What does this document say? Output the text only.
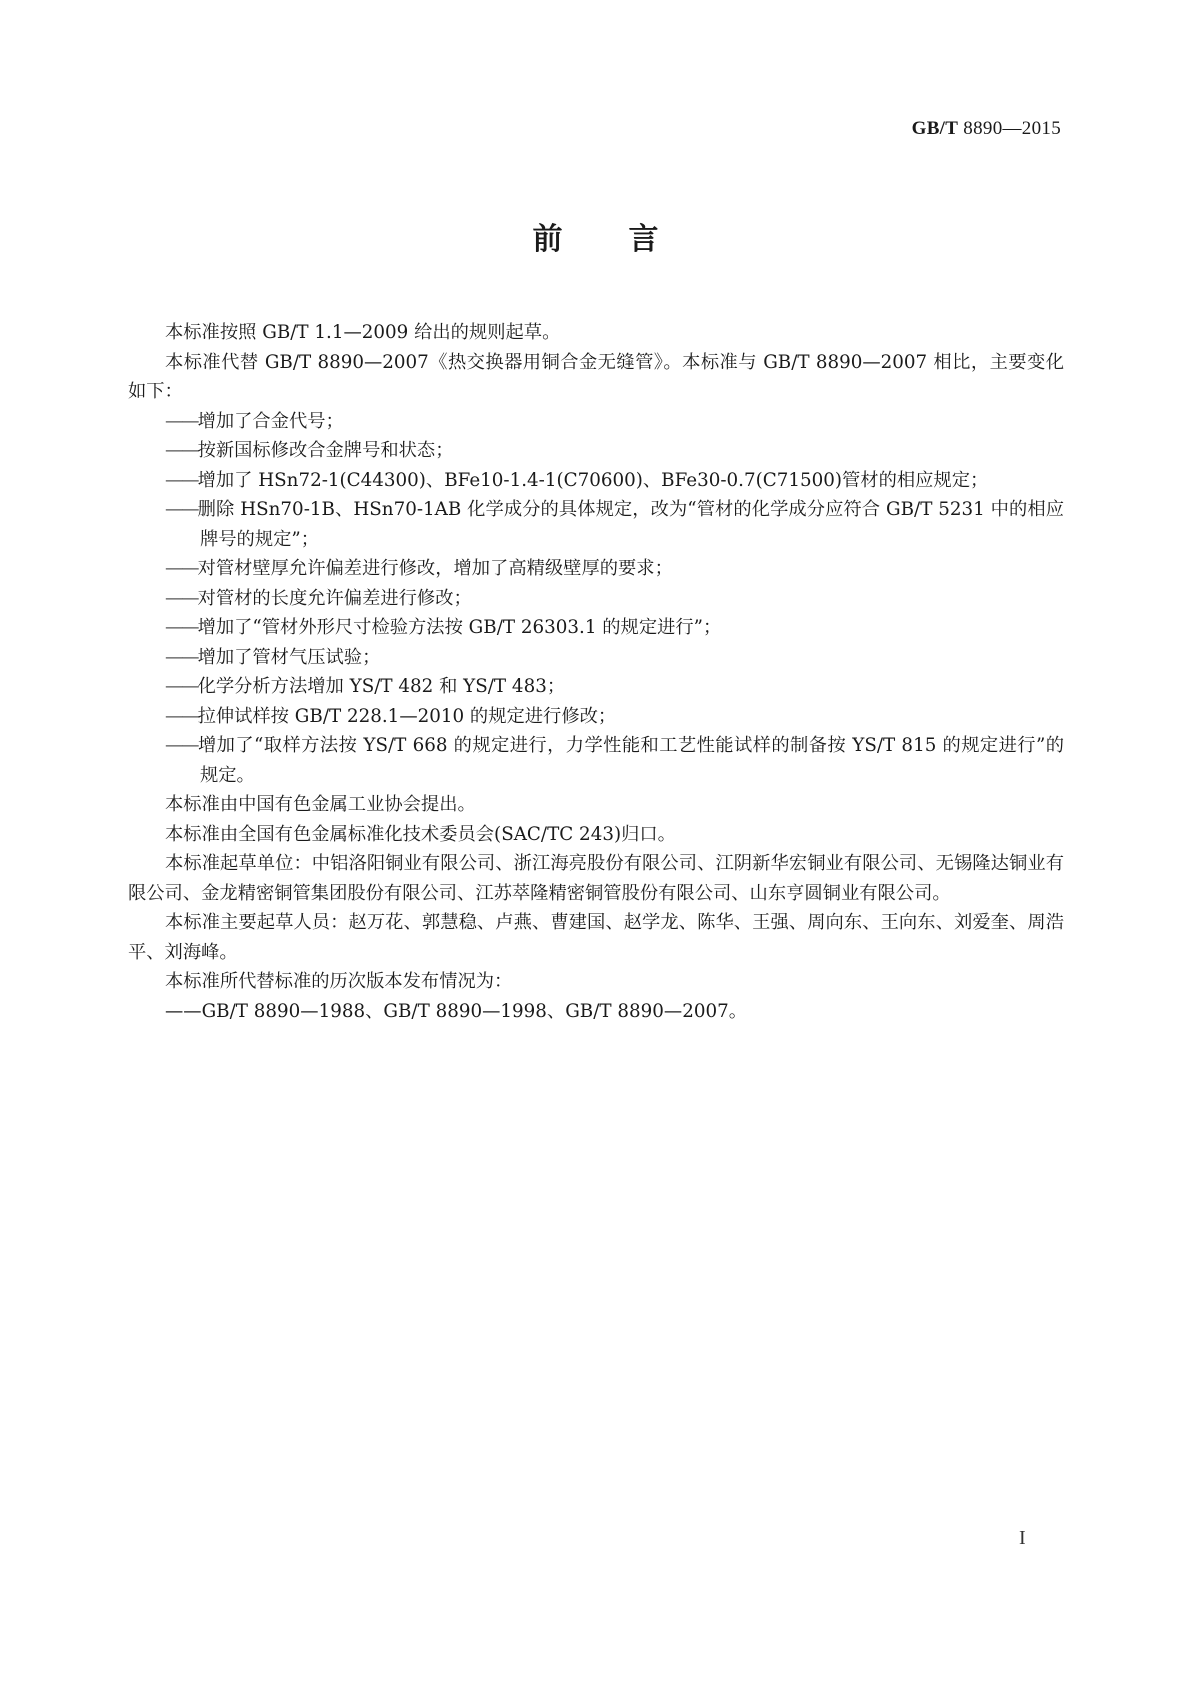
GB/T 8890—2015
前 言

本标准按照 GB/T 1.1—2009 给出的规则起草。

本标准代替 GB/T 8890—2007《热交换器用铜合金无缝管》。本标准与 GB/T 8890—2007 相比，主要变化如下：

——增加了合金代号；

——按新国标修改合金牌号和状态；

——增加了 HSn72-1(C44300)、BFe10-1.4-1(C70600)、BFe30-0.7(C71500)管材的相应规定；

——删除 HSn70-1B、HSn70-1AB 化学成分的具体规定，改为“管材的化学成分应符合 GB/T 5231 中的相应牌号的规定”；

——对管材壁厚允许偏差进行修改，增加了高精级壁厚的要求；

——对管材的长度允许偏差进行修改；

——增加了“管材外形尺寸检验方法按 GB/T 26303.1 的规定进行”；

——增加了管材气压试验；

——化学分析方法增加 YS/T 482 和 YS/T 483；

——拉伸试样按 GB/T 228.1—2010 的规定进行修改；

——增加了“取样方法按 YS/T 668 的规定进行，力学性能和工艺性能试样的制备按 YS/T 815 的规定进行”的规定。

本标准由中国有色金属工业协会提出。

本标准由全国有色金属标准化技术委员会(SAC/TC 243)归口。

本标准起草单位：中铝洛阳铜业有限公司、浙江海亮股份有限公司、江阴新华宏铜业有限公司、无锡隆达铜业有限公司、金龙精密铜管集团股份有限公司、江苏萃隆精密铜管股份有限公司、山东亨圆铜业有限公司。

本标准主要起草人员：赵万花、郭慧稳、卢燕、曹建国、赵学龙、陈华、王强、周向东、王向东、刘爱奎、周浩平、刘海峰。

本标准所代替标准的历次版本发布情况为：

——GB/T 8890—1988、GB/T 8890—1998、GB/T 8890—2007。

I
